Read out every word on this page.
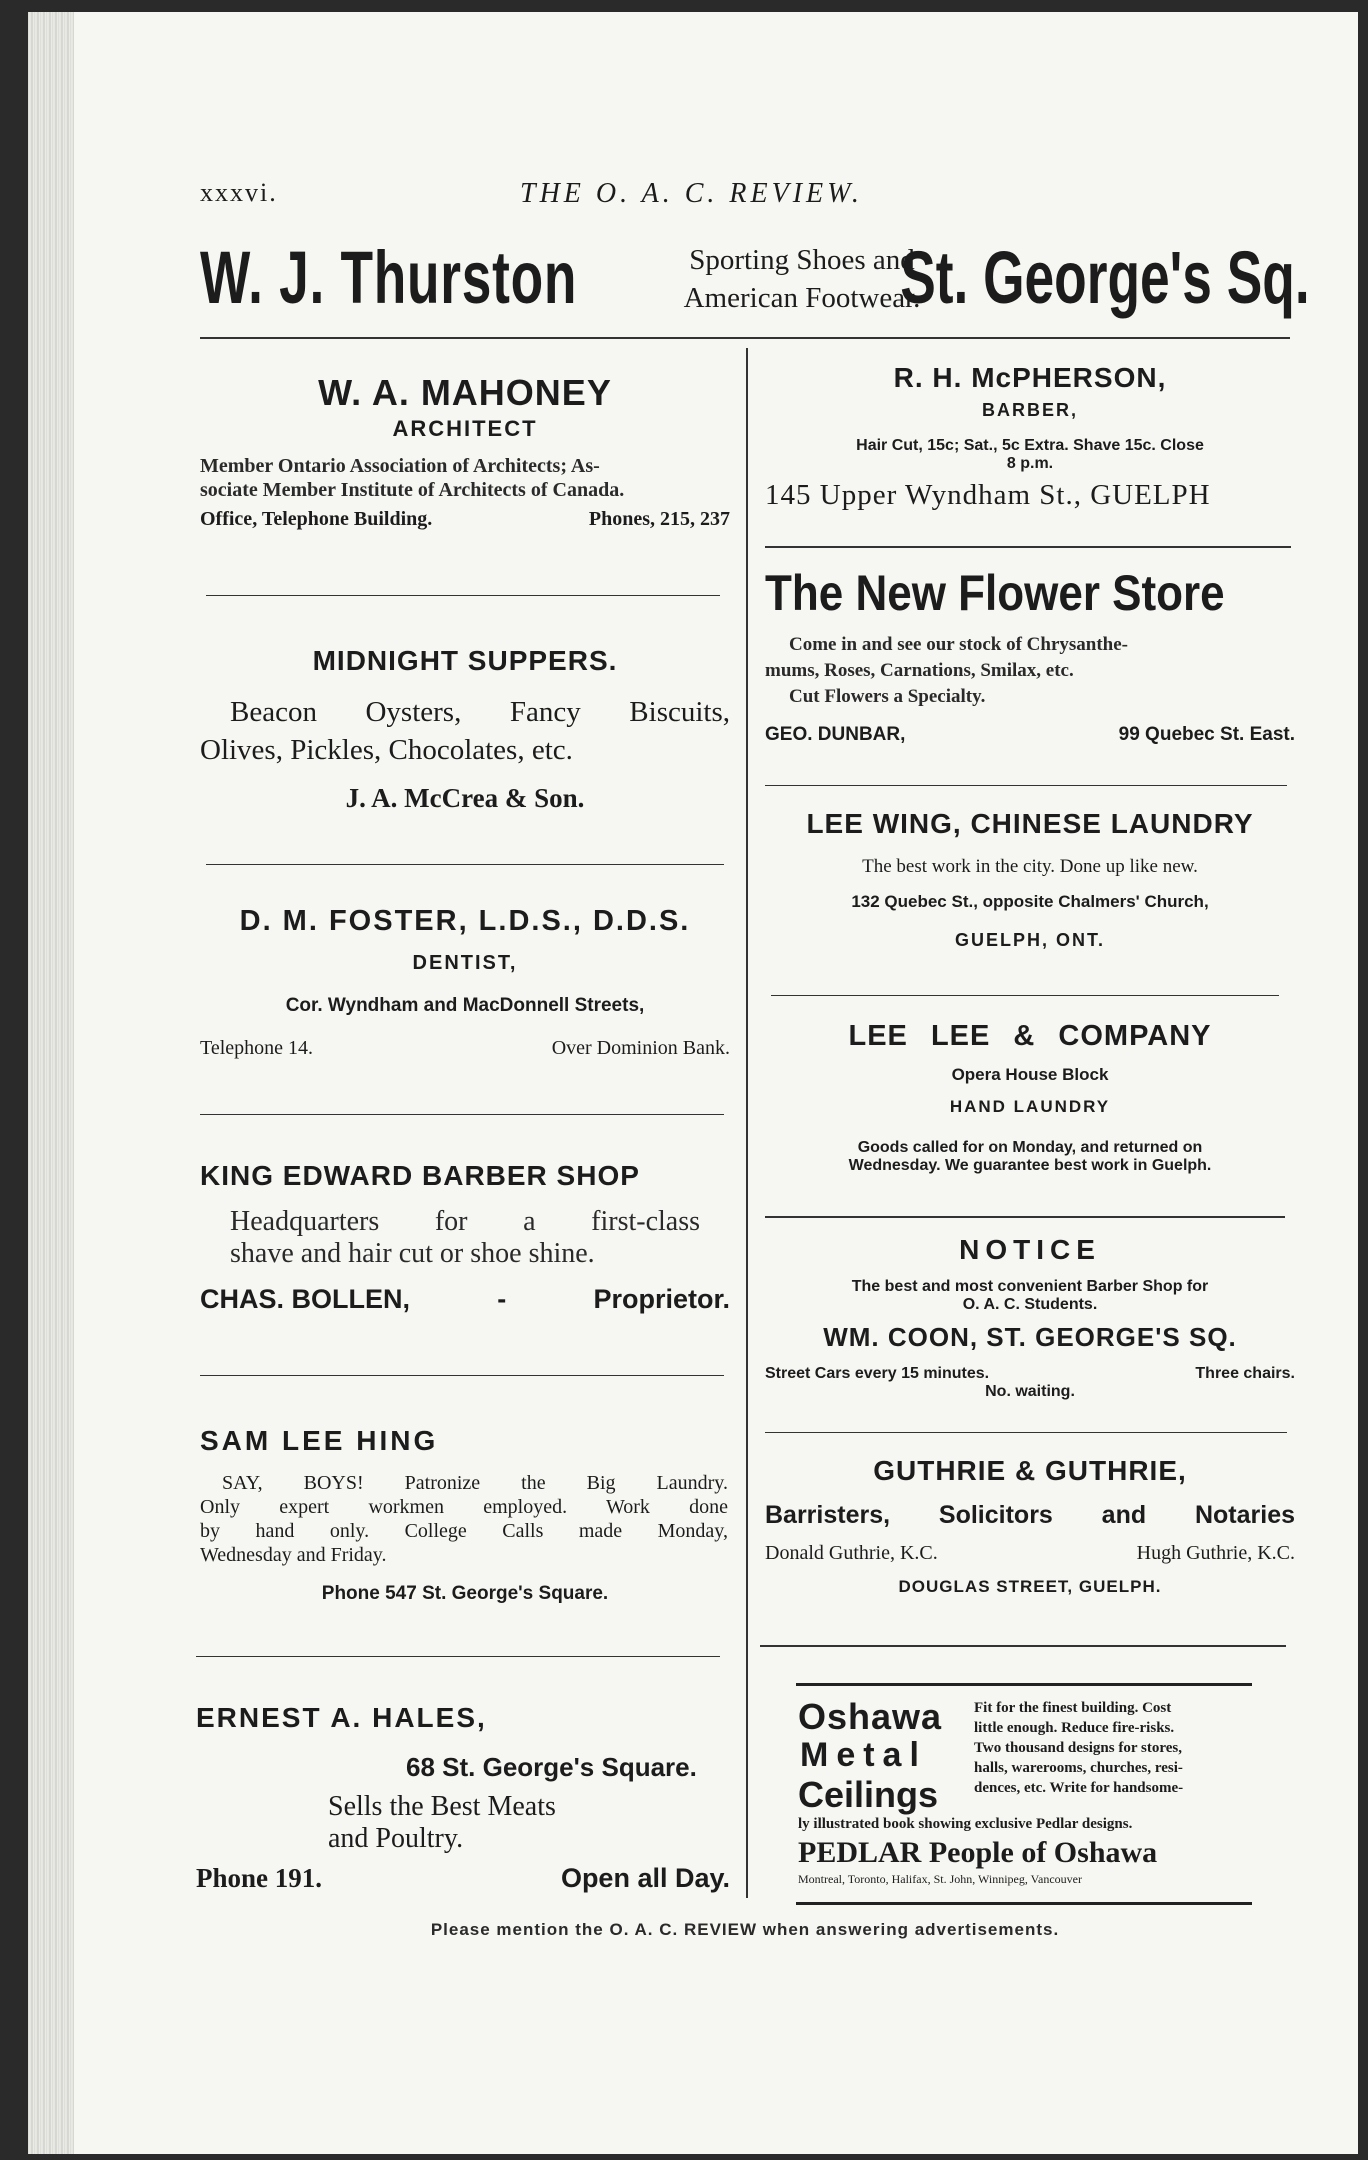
xxxvi.	THE O. A. C. REVIEW.
W. J. Thurston	Sporting Shoes and
American Footwear.
St. George's Sq.
W. A. MAHONEY
ARCHITECT
Member Ontario Association of Architects; As-
sociate Member Institute of Architects of Canada.
Office, Telephone Building.	Phones, 215, 237
MIDNIGHT SUPPERS.
Beacon Oysters, Fancy Biscuits,
Olives, Pickles, Chocolates, etc.
J. A. McCrea & Son.
D. M. FOSTER, L.D.S., D.D.S.
DENTIST,
Cor. Wyndham and MacDonnell Streets,
Telephone 14.	Over Dominion Bank.
KING EDWARD BARBER SHOP
Headquarters for a first-class
shave and hair cut or shoe shine.
CHAS. BOLLEN,	-	Proprietor.
SAM LEE HING
SAY, BOYS! Patronize the Big Laundry.
Only expert workmen employed. Work done
by hand only. College Calls made Monday,
Wednesday and Friday.
Phone 547 St. George's Square.
ERNEST A. HALES,
68 St. George's Square.
Sells the Best Meats
and Poultry.
Phone 191.	Open all Day.
R. H. McPHERSON,
BARBER,
Hair Cut, 15c; Sat., 5c Extra. Shave 15c. Close
8 p.m.
145 Upper Wyndham St., GUELPH
The New Flower Store
Come in and see our stock of Chrysanthe-
mums, Roses, Carnations, Smilax, etc.
Cut Flowers a Specialty.
GEO. DUNBAR,	99 Quebec St. East.
LEE WING, CHINESE LAUNDRY
The best work in the city. Done up like new.
132 Quebec St., opposite Chalmers' Church,
GUELPH, ONT.
LEE LEE & COMPANY
Opera House Block
HAND LAUNDRY
Goods called for on Monday, and returned on
Wednesday. We guarantee best work in Guelph.
NOTICE
The best and most convenient Barber Shop for
O. A. C. Students.
WM. COON, ST. GEORGE'S SQ.
Street Cars every 15 minutes.	Three chairs.
No. waiting.
GUTHRIE & GUTHRIE,
Barristers, Solicitors and Notaries
Donald Guthrie, K.C.	Hugh Guthrie, K.C.
DOUGLAS STREET, GUELPH.
Oshawa
Metal
Ceilings
Fit for the finest building. Cost
little enough. Reduce fire-risks.
Two thousand designs for stores,
halls, warerooms, churches, resi-
dences, etc. Write for handsome-
ly illustrated book showing exclusive Pedlar designs.
PEDLAR People of Oshawa
Montreal, Toronto, Halifax, St. John, Winnipeg, Vancouver
Please mention the O. A. C. REVIEW when answering advertisements.
